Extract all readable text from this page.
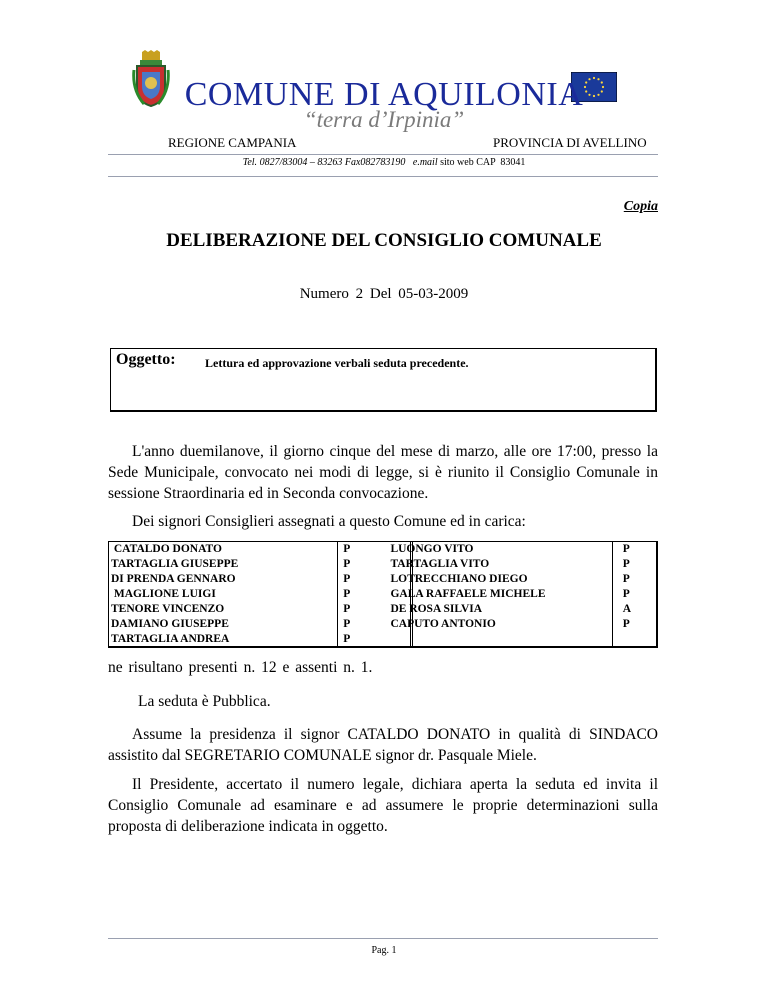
COMUNE DI AQUILONIA
“terra d’Irpinia”
REGIONE CAMPANIA	PROVINCIA DI AVELLINO
Tel. 0827/83004 – 83263 Fax082783190 e.mail sito web CAP 83041
Copia
DELIBERAZIONE DEL CONSIGLIO COMUNALE
Numero 2 Del 05-03-2009
Oggetto: Lettura ed approvazione verbali seduta precedente.
L'anno duemilanove, il giorno cinque del mese di marzo, alle ore 17:00, presso la Sede Municipale, convocato nei modi di legge, si è riunito il Consiglio Comunale in sessione Straordinaria ed in Seconda convocazione.
Dei signori Consiglieri assegnati a questo Comune ed in carica:
CATALDO DONATO	P	LUONGO VITO	P
TARTAGLIA GIUSEPPE	P	TARTAGLIA VITO	P
DI PRENDA GENNARO	P	LOTRECCHIANO DIEGO	P
MAGLIONE LUIGI	P	GALA RAFFAELE MICHELE	P
TENORE VINCENZO	P	DE ROSA SILVIA	A
DAMIANO GIUSEPPE	P	CAPUTO ANTONIO	P
TARTAGLIA ANDREA	P		
ne risultano presenti n. 12 e assenti n. 1.
La seduta è Pubblica.
Assume la presidenza il signor CATALDO DONATO in qualità di SINDACO assistito dal SEGRETARIO COMUNALE signor dr. Pasquale Miele.
Il Presidente, accertato il numero legale, dichiara aperta la seduta ed invita il Consiglio Comunale ad esaminare e ad assumere le proprie determinazioni sulla proposta di deliberazione indicata in oggetto.
Pag. 1
